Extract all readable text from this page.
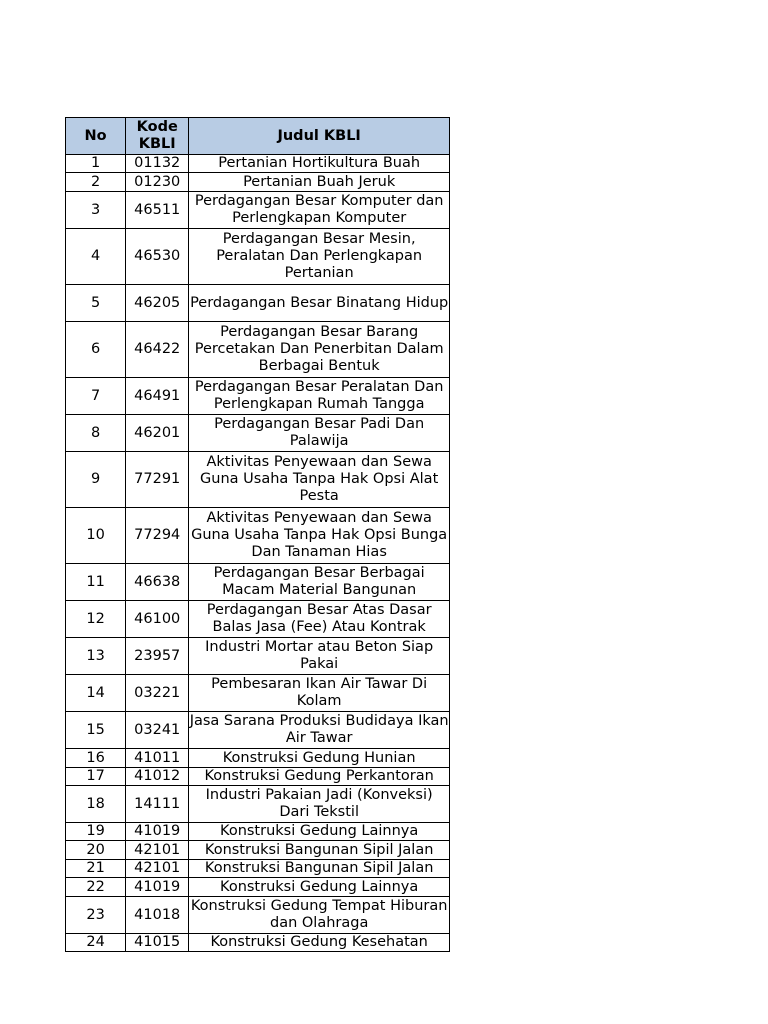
No	Kode KBLI	Judul KBLI
1	01132	Pertanian Hortikultura Buah
2	01230	Pertanian Buah Jeruk
3	46511	Perdagangan Besar Komputer dan Perlengkapan Komputer
4	46530	Perdagangan Besar Mesin, Peralatan Dan Perlengkapan Pertanian
5	46205	Perdagangan Besar Binatang Hidup
6	46422	Perdagangan Besar Barang Percetakan Dan Penerbitan Dalam Berbagai Bentuk
7	46491	Perdagangan Besar Peralatan Dan Perlengkapan Rumah Tangga
8	46201	Perdagangan Besar Padi Dan Palawija
9	77291	Aktivitas Penyewaan dan Sewa Guna Usaha Tanpa Hak Opsi Alat Pesta
10	77294	Aktivitas Penyewaan dan Sewa Guna Usaha Tanpa Hak Opsi Bunga Dan Tanaman Hias
11	46638	Perdagangan Besar Berbagai Macam Material Bangunan
12	46100	Perdagangan Besar Atas Dasar Balas Jasa (Fee) Atau Kontrak
13	23957	Industri Mortar atau Beton Siap Pakai
14	03221	Pembesaran Ikan Air Tawar Di Kolam
15	03241	Jasa Sarana Produksi Budidaya Ikan Air Tawar
16	41011	Konstruksi Gedung Hunian
17	41012	Konstruksi Gedung Perkantoran
18	14111	Industri Pakaian Jadi (Konveksi) Dari Tekstil
19	41019	Konstruksi Gedung Lainnya
20	42101	Konstruksi Bangunan Sipil Jalan
21	42101	Konstruksi Bangunan Sipil Jalan
22	41019	Konstruksi Gedung Lainnya
23	41018	Konstruksi Gedung Tempat Hiburan dan Olahraga
24	41015	Konstruksi Gedung Kesehatan
